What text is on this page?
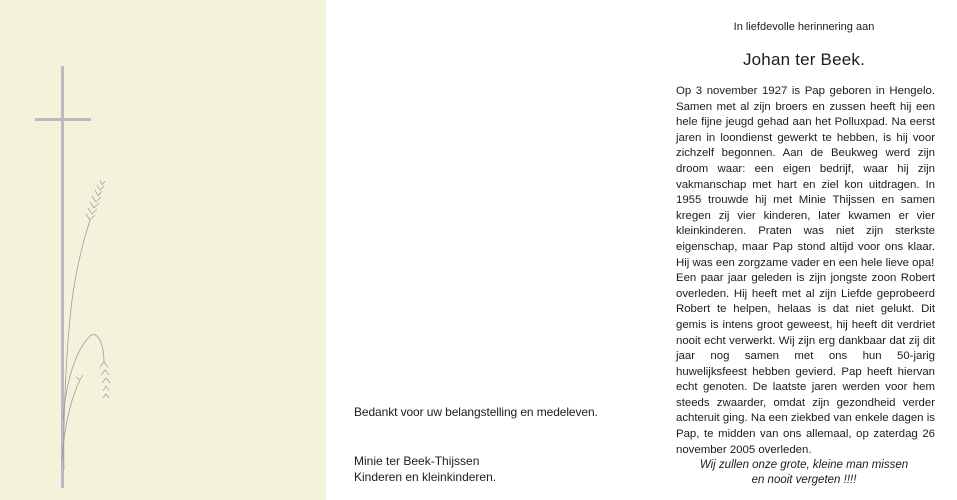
Bedankt voor uw belangstelling en medeleven.
Minie ter Beek-Thijssen
Kinderen en kleinkinderen.
In liefdevolle herinnering aan
Johan ter Beek.

Op 3 november 1927 is Pap geboren in Hengelo. Samen met al zijn broers en zussen heeft hij een hele fijne jeugd gehad aan het Polluxpad. Na eerst jaren in loondienst gewerkt te hebben, is hij voor zichzelf begonnen. Aan de Beukweg werd zijn droom waar: een eigen bedrijf, waar hij zijn vakmanschap met hart en ziel kon uitdragen. In 1955 trouwde hij met Minie Thijssen en samen kregen zij vier kinderen, later kwamen er vier kleinkinderen. Praten was niet zijn sterkste eigenschap, maar Pap stond altijd voor ons klaar. Hij was een zorgzame vader en een hele lieve opa!

Een paar jaar geleden is zijn jongste zoon Robert overleden. Hij heeft met al zijn Liefde geprobeerd Robert te helpen, helaas is dat niet gelukt. Dit gemis is intens groot geweest, hij heeft dit verdriet nooit echt verwerkt. Wij zijn erg dankbaar dat zij dit jaar nog samen met ons hun 50-jarig huwelijksfeest hebben gevierd. Pap heeft hiervan echt genoten. De laatste jaren werden voor hem steeds zwaarder, omdat zijn gezondheid verder achteruit ging. Na een ziekbed van enkele dagen is Pap, te midden van ons allemaal, op zaterdag 26 november 2005 overleden.

Wij zullen onze grote, kleine man missen
en nooit vergeten !!!!
